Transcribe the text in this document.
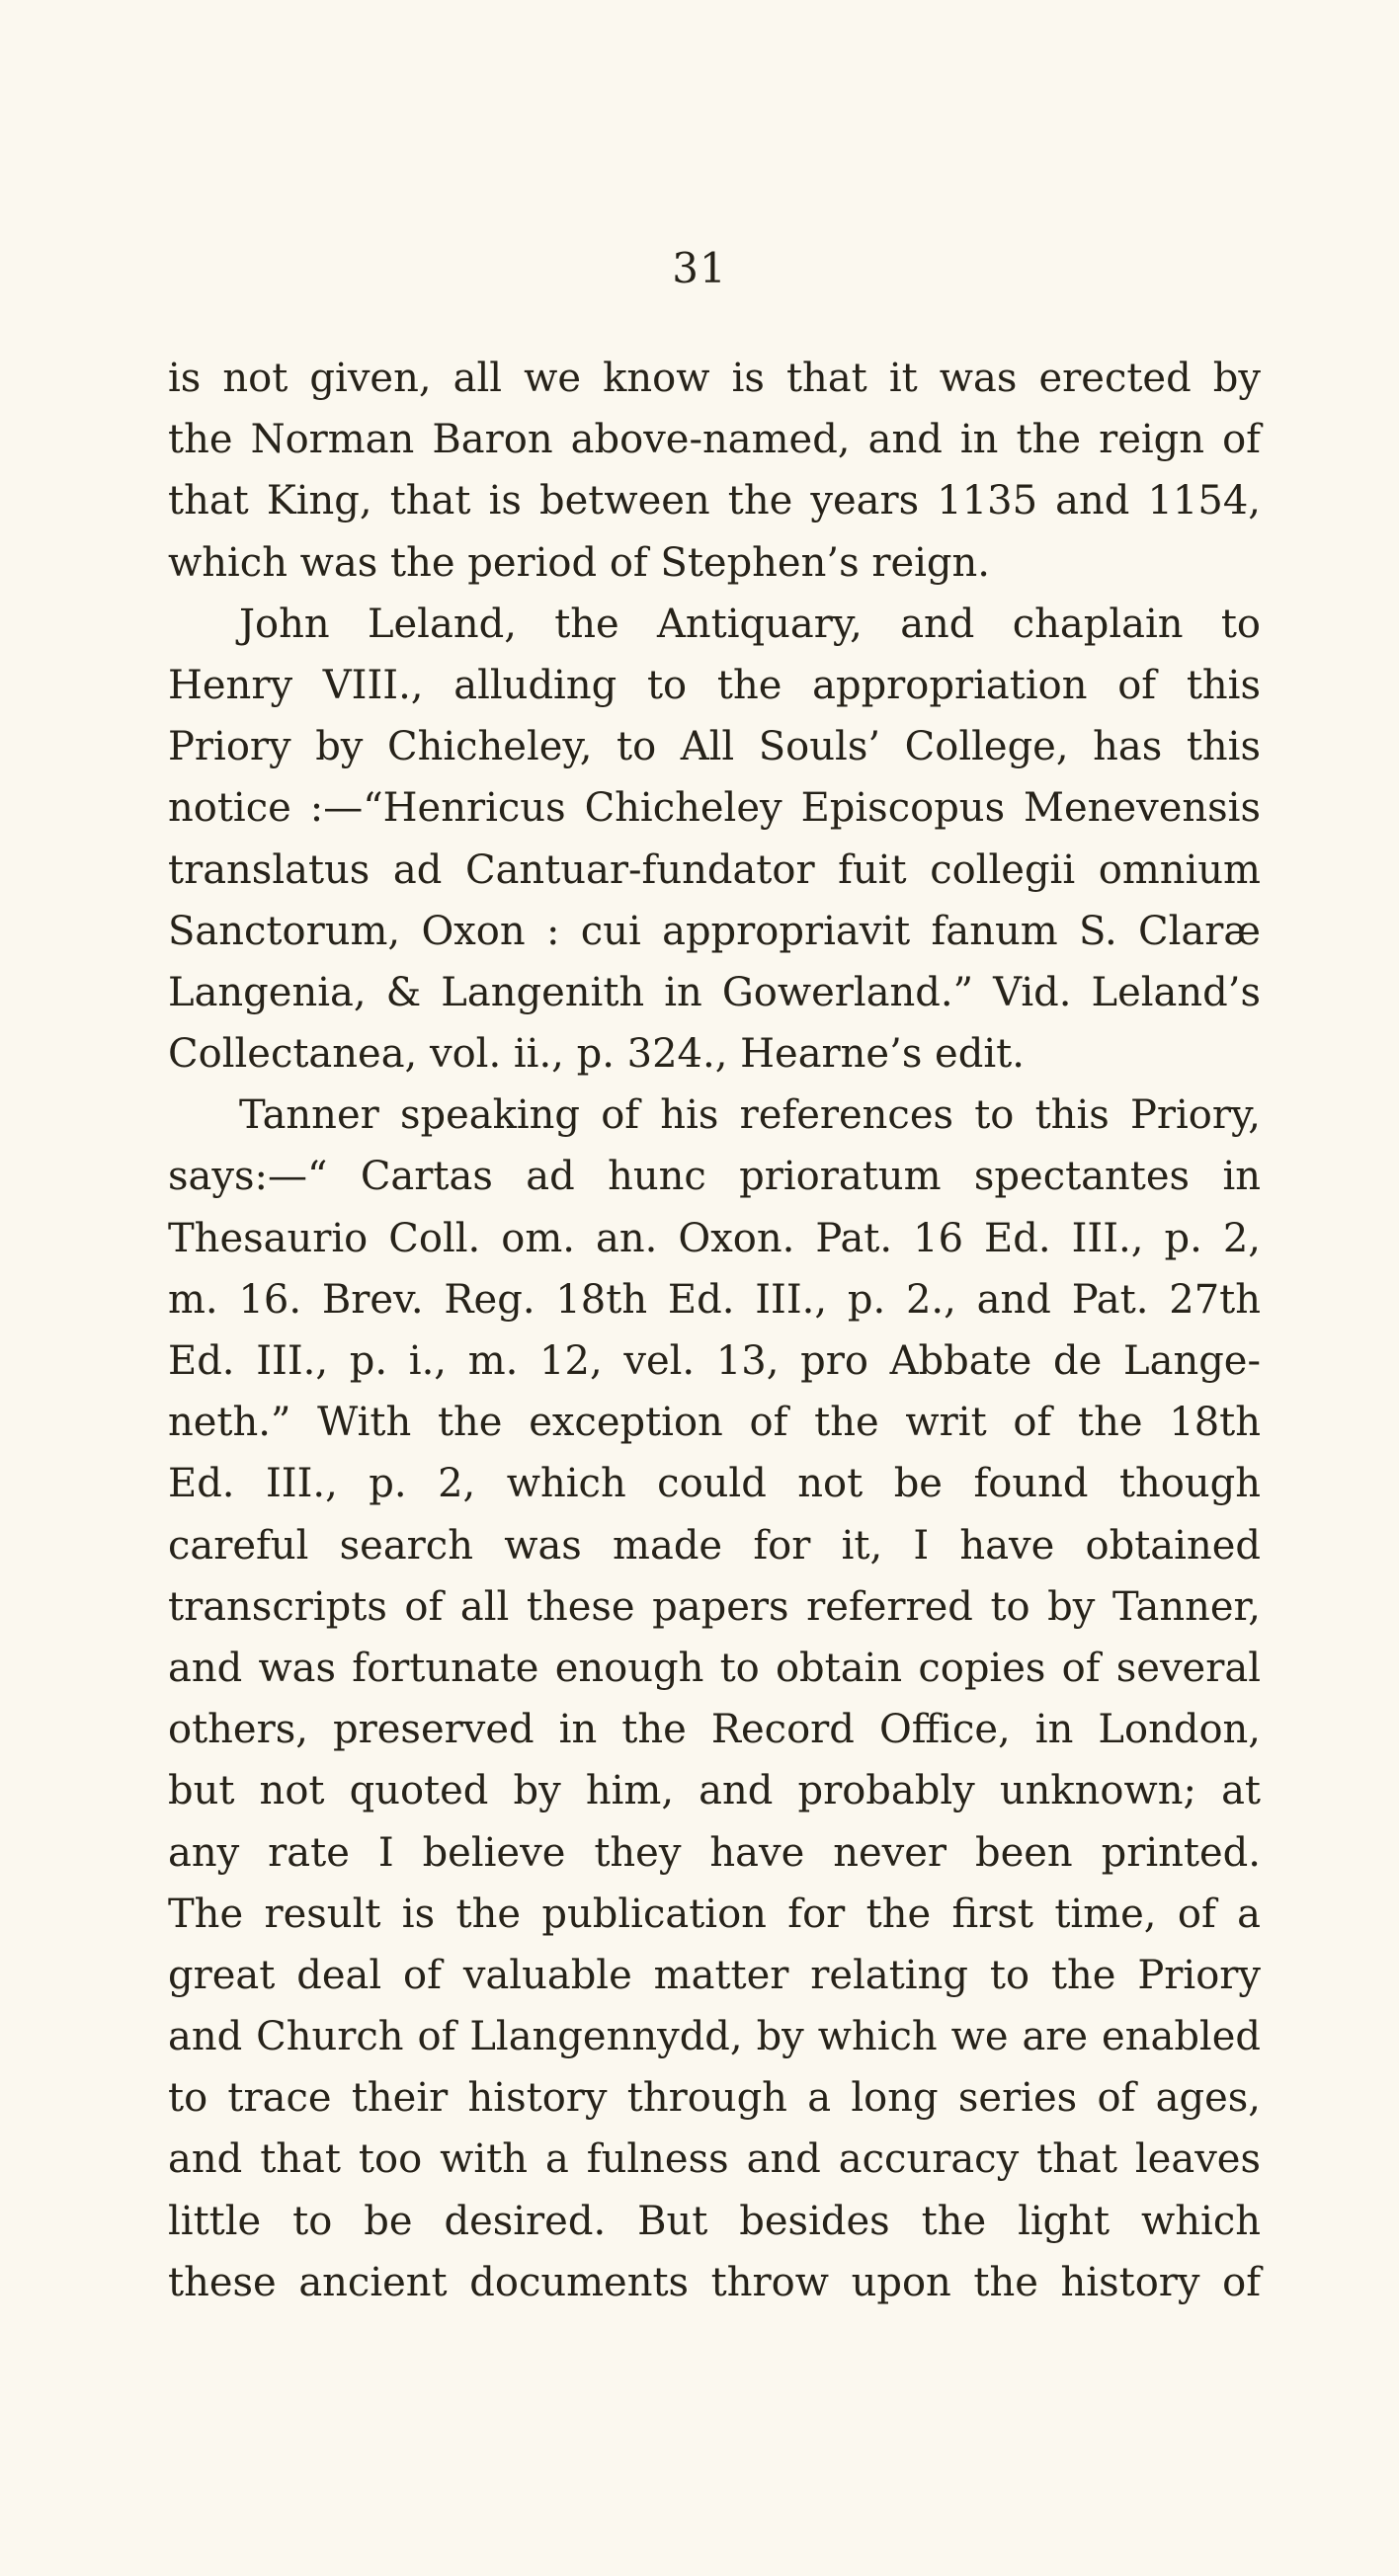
31
is not given, all we know is that it was erected by
the Norman Baron above-named, and in the reign of
that King, that is between the years 1135 and 1154,
which was the period of Stephen’s reign.
John Leland, the Antiquary, and chaplain to
Henry VIII., alluding to the appropriation of this
Priory by Chicheley, to All Souls’ College, has this
notice :—“Henricus Chicheley Episcopus Menevensis
translatus ad Cantuar-fundator fuit collegii omnium
Sanctorum, Oxon : cui appropriavit fanum S. Claræ
Langenia, & Langenith in Gowerland.” Vid. Leland’s
Collectanea, vol. ii., p. 324., Hearne’s edit.
Tanner speaking of his references to this Priory,
says:—“ Cartas ad hunc prioratum spectantes in
Thesaurio Coll. om. an. Oxon. Pat. 16 Ed. III., p. 2,
m. 16. Brev. Reg. 18th Ed. III., p. 2., and Pat. 27th
Ed. III., p. i., m. 12, vel. 13, pro Abbate de Lange-
neth.” With the exception of the writ of the 18th
Ed. III., p. 2, which could not be found though
careful search was made for it, I have obtained
transcripts of all these papers referred to by Tanner,
and was fortunate enough to obtain copies of several
others, preserved in the Record Office, in London,
but not quoted by him, and probably unknown; at
any rate I believe they have never been printed.
The result is the publication for the first time, of a
great deal of valuable matter relating to the Priory
and Church of Llangennydd, by which we are enabled
to trace their history through a long series of ages,
and that too with a fulness and accuracy that leaves
little to be desired. But besides the light which
these ancient documents throw upon the history of
